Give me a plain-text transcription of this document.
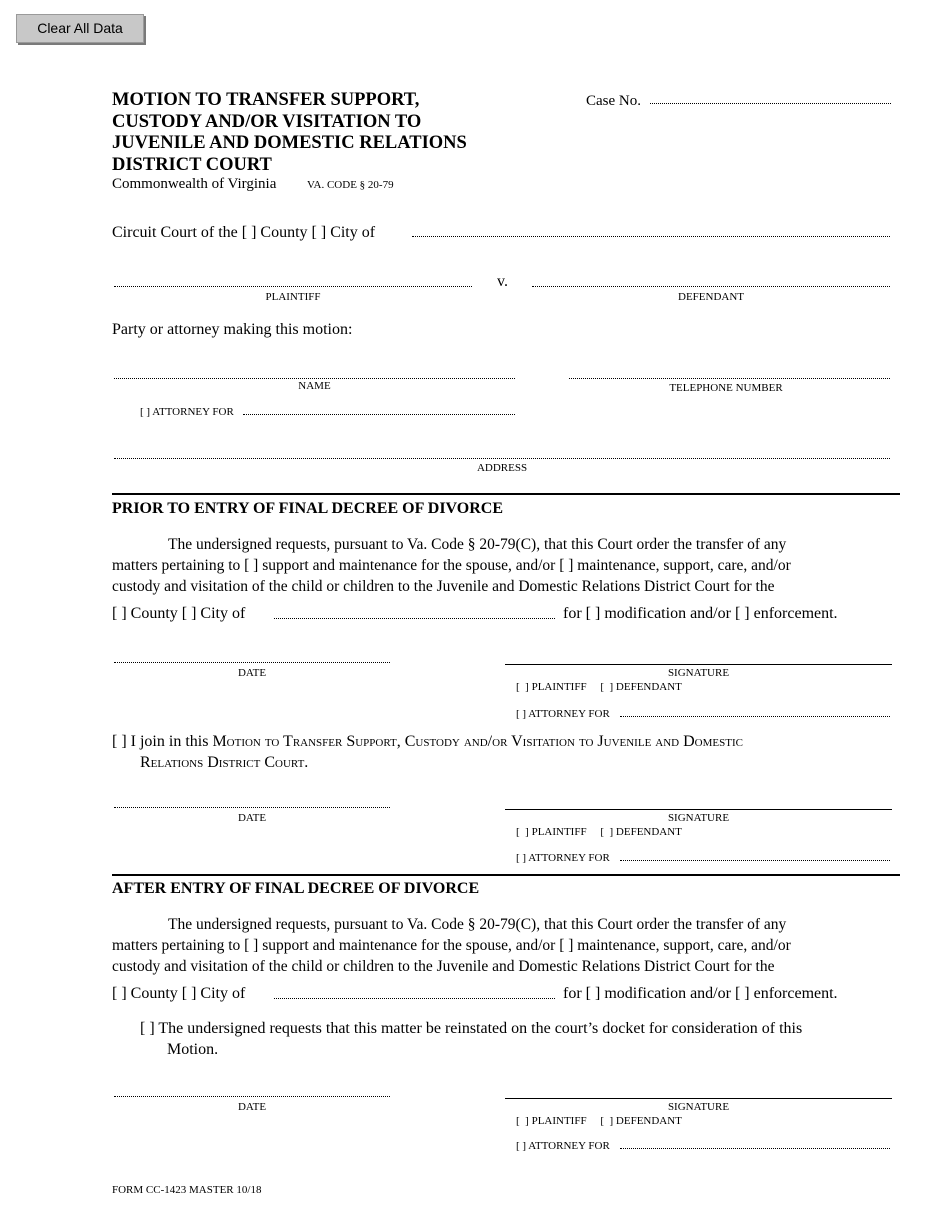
Clear All Data
MOTION TO TRANSFER SUPPORT,
CUSTODY AND/OR VISITATION TO
JUVENILE AND DOMESTIC RELATIONS
DISTRICT COURT
Commonwealth of Virginia	VA. CODE § 20-79
Case No.
Circuit Court of the [ ] County [ ] City of
v.
PLAINTIFF	DEFENDANT
Party or attorney making this motion:
NAME	TELEPHONE NUMBER
[ ] ATTORNEY FOR
ADDRESS
PRIOR TO ENTRY OF FINAL DECREE OF DIVORCE
The undersigned requests, pursuant to Va. Code § 20-79(C), that this Court order the transfer of any
matters pertaining to [ ] support and maintenance for the spouse, and/or [ ] maintenance, support, care, and/or
custody and visitation of the child or children to the Juvenile and Domestic Relations District Court for the
[ ] County [ ] City of	for [ ] modification and/or [ ] enforcement.
DATE	SIGNATURE
[  ] PLAINTIFF     [  ] DEFENDANT
[ ] ATTORNEY FOR
[ ] I join in this Motion to Transfer Support, Custody and/or Visitation to Juvenile and Domestic
Relations District Court.
DATE	SIGNATURE
[  ] PLAINTIFF     [  ] DEFENDANT
[ ] ATTORNEY FOR
AFTER ENTRY OF FINAL DECREE OF DIVORCE
The undersigned requests, pursuant to Va. Code § 20-79(C), that this Court order the transfer of any
matters pertaining to [ ] support and maintenance for the spouse, and/or [ ] maintenance, support, care, and/or
custody and visitation of the child or children to the Juvenile and Domestic Relations District Court for the
[ ] County [ ] City of	for [ ] modification and/or [ ] enforcement.
[ ] The undersigned requests that this matter be reinstated on the court’s docket for consideration of this
Motion.
DATE	SIGNATURE
[  ] PLAINTIFF     [  ] DEFENDANT
[ ] ATTORNEY FOR
FORM CC-1423 MASTER 10/18
